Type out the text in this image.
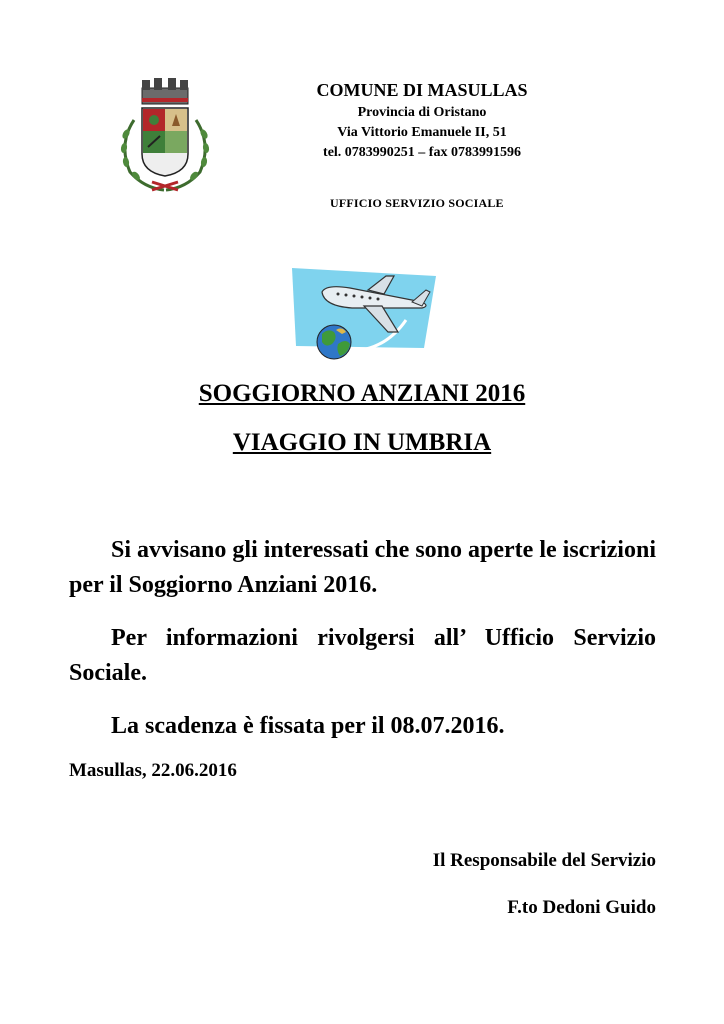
COMUNE DI MASULLAS
Provincia di Oristano
Via Vittorio Emanuele II, 51
tel. 0783990251 – fax 0783991596
UFFICIO SERVIZIO SOCIALE
SOGGIORNO ANZIANI 2016
VIAGGIO IN UMBRIA
Si avvisano gli interessati che sono aperte le iscrizioni per il Soggiorno Anziani 2016.
Per informazioni rivolgersi all’ Ufficio Servizio Sociale.
La scadenza è fissata per il 08.07.2016.
Masullas, 22.06.2016
Il Responsabile del Servizio
F.to Dedoni Guido
